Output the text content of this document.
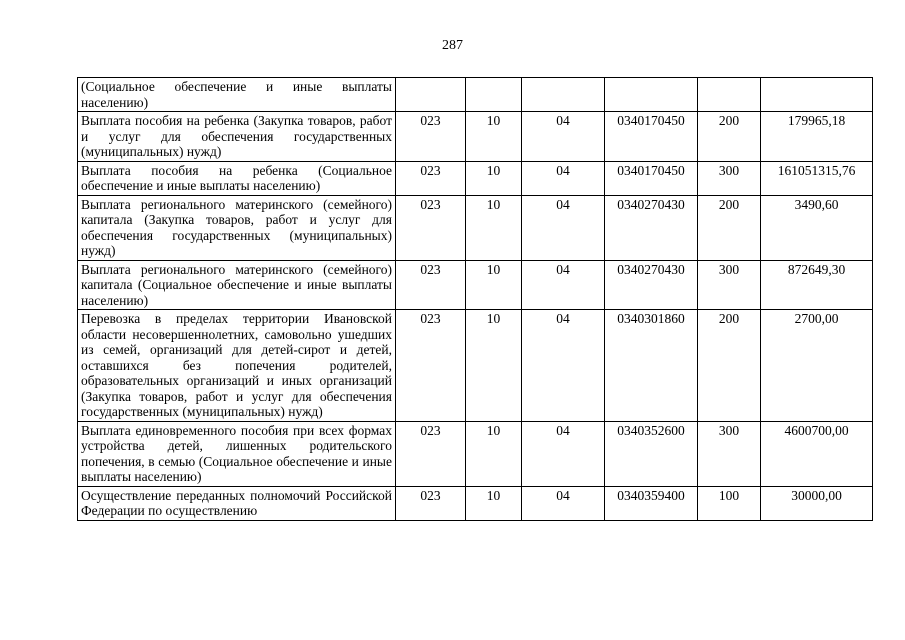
287
(Социальное обеспечение и иные выплаты населению)						
Выплата пособия на ребенка (Закупка товаров, работ и услуг для обеспечения государственных (муниципальных) нужд)	023	10	04	0340170450	200	179965,18
Выплата пособия на ребенка (Социальное обеспечение и иные выплаты населению)	023	10	04	0340170450	300	161051315,76
Выплата регионального материнского (семейного) капитала (Закупка товаров, работ и услуг для обеспечения государственных (муниципальных) нужд)	023	10	04	0340270430	200	3490,60
Выплата регионального материнского (семейного) капитала (Социальное обеспечение и иные выплаты населению)	023	10	04	0340270430	300	872649,30
Перевозка в пределах территории Ивановской области несовершеннолетних, самовольно ушедших из семей, организаций для детей-сирот и детей, оставшихся без попечения родителей, образовательных организаций и иных организаций (Закупка товаров, работ и услуг для обеспечения государственных (муниципальных) нужд)	023	10	04	0340301860	200	2700,00
Выплата единовременного пособия при всех формах устройства детей, лишенных родительского попечения, в семью (Социальное обеспечение и иные выплаты населению)	023	10	04	0340352600	300	4600700,00
Осуществление переданных полномочий Российской Федерации по осуществлению	023	10	04	0340359400	100	30000,00
